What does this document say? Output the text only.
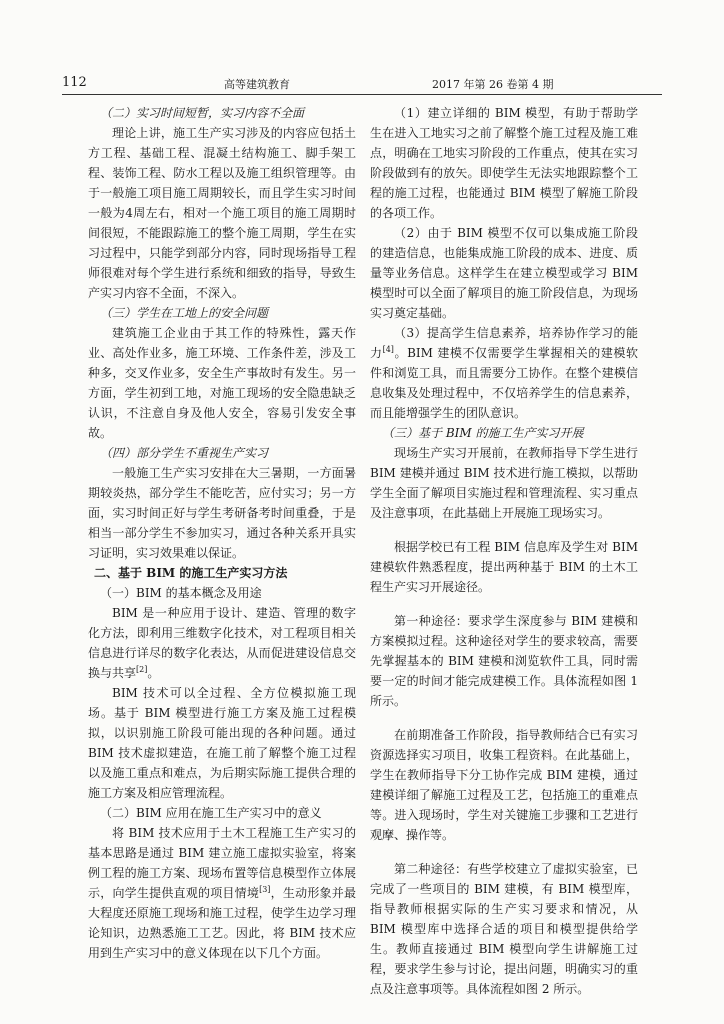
112	高等建筑教育	2017 年第 26 卷第 4 期

（二）实习时间短暂，实习内容不全面

理论上讲，施工生产实习涉及的内容应包括土方工程、基础工程、混凝土结构施工、脚手架工程、装饰工程、防水工程以及施工组织管理等。由于一般施工项目施工周期较长，而且学生实习时间一般为4周左右，相对一个施工项目的施工周期时间很短，不能跟踪施工的整个施工周期，学生在实习过程中，只能学到部分内容，同时现场指导工程师很难对每个学生进行系统和细致的指导，导致生产实习内容不全面，不深入。

（三）学生在工地上的安全问题

建筑施工企业由于其工作的特殊性，露天作业、高处作业多，施工环境、工作条件差，涉及工种多，交叉作业多，安全生产事故时有发生。另一方面，学生初到工地，对施工现场的安全隐患缺乏认识，不注意自身及他人安全，容易引发安全事故。

（四）部分学生不重视生产实习

一般施工生产实习安排在大三暑期，一方面暑期较炎热，部分学生不能吃苦，应付实习；另一方面，实习时间正好与学生考研备考时间重叠，于是相当一部分学生不参加实习，通过各种关系开具实习证明，实习效果难以保证。

二、基于 BIM 的施工生产实习方法

（一）BIM 的基本概念及用途

BIM 是一种应用于设计、建造、管理的数字化方法，即利用三维数字化技术，对工程项目相关信息进行详尽的数字化表达，从而促进建设信息交换与共享[2]。

BIM 技术可以全过程、全方位模拟施工现场。基于 BIM 模型进行施工方案及施工过程模拟，以识别施工阶段可能出现的各种问题。通过 BIM 技术虚拟建造，在施工前了解整个施工过程以及施工重点和难点，为后期实际施工提供合理的施工方案及相应管理流程。

（二）BIM 应用在施工生产实习中的意义

将 BIM 技术应用于土木工程施工生产实习的基本思路是通过 BIM 建立施工虚拟实验室，将案例工程的施工方案、现场布置等信息模型作立体展示，向学生提供直观的项目情境[3]，生动形象并最大程度还原施工现场和施工过程，使学生边学习理论知识，边熟悉施工工艺。因此，将 BIM 技术应用到生产实习中的意义体现在以下几个方面。

（1）建立详细的 BIM 模型，有助于帮助学生在进入工地实习之前了解整个施工过程及施工难点，明确在工地实习阶段的工作重点，使其在实习阶段做到有的放矢。即使学生无法实地跟踪整个工程的施工过程，也能通过 BIM 模型了解施工阶段的各项工作。

（2）由于 BIM 模型不仅可以集成施工阶段的建造信息，也能集成施工阶段的成本、进度、质量等业务信息。这样学生在建立模型或学习 BIM 模型时可以全面了解项目的施工阶段信息，为现场实习奠定基础。

（3）提高学生信息素养，培养协作学习的能力[4]。BIM 建模不仅需要学生掌握相关的建模软件和浏览工具，而且需要分工协作。在整个建模信息收集及处理过程中，不仅培养学生的信息素养，而且能增强学生的团队意识。

（三）基于 BIM 的施工生产实习开展

现场生产实习开展前，在教师指导下学生进行 BIM 建模并通过 BIM 技术进行施工模拟，以帮助学生全面了解项目实施过程和管理流程、实习重点及注意事项，在此基础上开展施工现场实习。

根据学校已有工程 BIM 信息库及学生对 BIM 建模软件熟悉程度，提出两种基于 BIM 的土木工程生产实习开展途径。

第一种途径：要求学生深度参与 BIM 建模和方案模拟过程。这种途径对学生的要求较高，需要先掌握基本的 BIM 建模和浏览软件工具，同时需要一定的时间才能完成建模工作。具体流程如图 1 所示。

在前期准备工作阶段，指导教师结合已有实习资源选择实习项目，收集工程资料。在此基础上，学生在教师指导下分工协作完成 BIM 建模，通过建模详细了解施工过程及工艺，包括施工的重难点等。进入现场时，学生对关键施工步骤和工艺进行观摩、操作等。

第二种途径：有些学校建立了虚拟实验室，已完成了一些项目的 BIM 建模，有 BIM 模型库，指导教师根据实际的生产实习要求和情况，从 BIM 模型库中选择合适的项目和模型提供给学生。教师直接通过 BIM 模型向学生讲解施工过程，要求学生参与讨论，提出问题，明确实习的重点及注意事项等。具体流程如图 2 所示。
